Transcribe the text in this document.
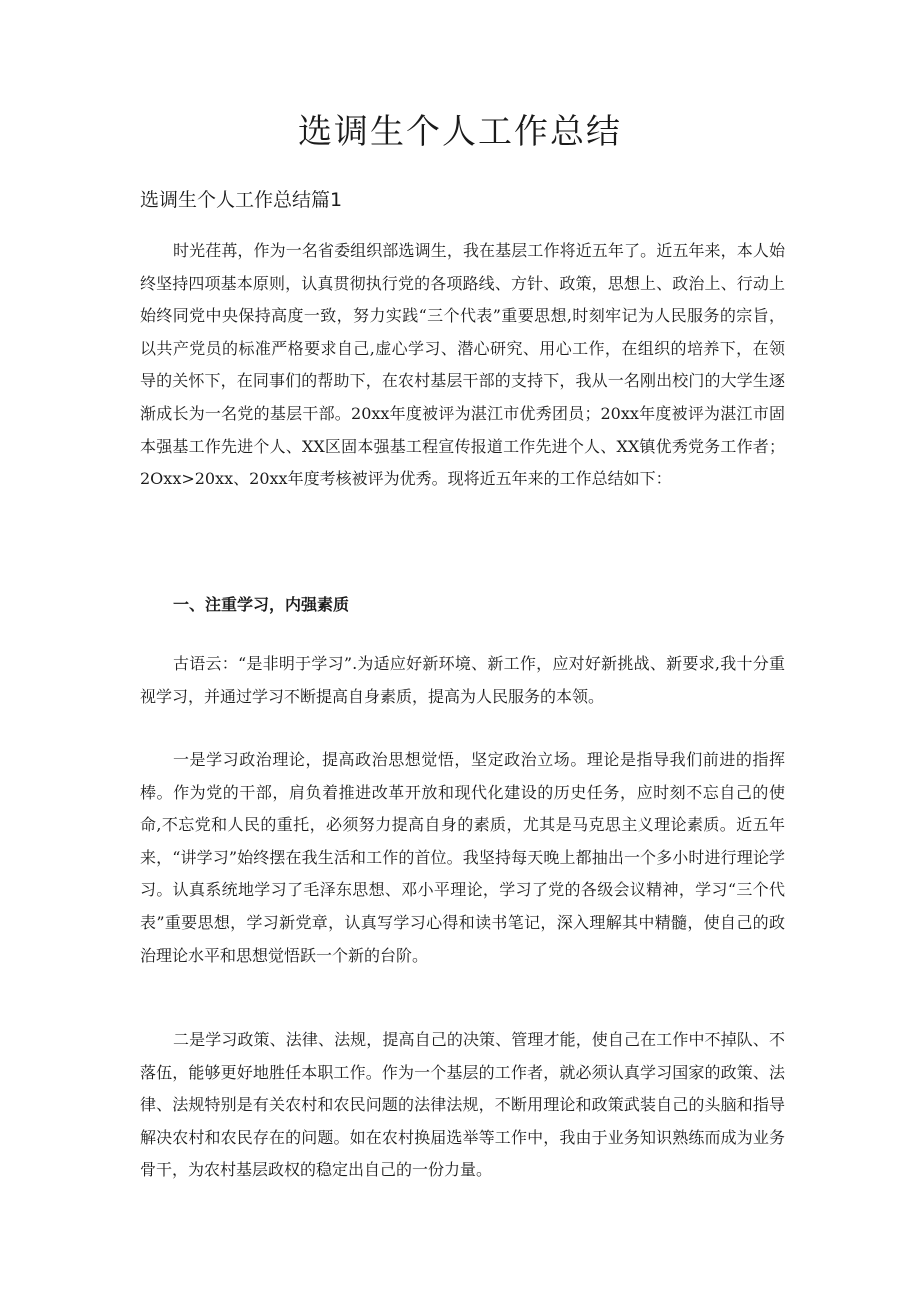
选调生个人工作总结
选调生个人工作总结篇1

时光荏苒，作为一名省委组织部选调生，我在基层工作将近五年了。近五年来，本人始终坚持四项基本原则，认真贯彻执行党的各项路线、方针、政策，思想上、政治上、行动上始终同党中央保持高度一致，努力实践“三个代表”重要思想,时刻牢记为人民服务的宗旨，以共产党员的标准严格要求自己,虚心学习、潜心研究、用心工作，在组织的培养下，在领导的关怀下，在同事们的帮助下，在农村基层干部的支持下，我从一名刚出校门的大学生逐渐成长为一名党的基层干部。20xx年度被评为湛江市优秀团员；20xx年度被评为湛江市固本强基工作先进个人、XX区固本强基工程宣传报道工作先进个人、XX镇优秀党务工作者；2Oxx>20xx、20xx年度考核被评为优秀。现将近五年来的工作总结如下：

一、注重学习，内强素质

古语云：“是非明于学习”.为适应好新环境、新工作，应对好新挑战、新要求,我十分重视学习，并通过学习不断提高自身素质，提高为人民服务的本领。

一是学习政治理论，提高政治思想觉悟，坚定政治立场。理论是指导我们前进的指挥棒。作为党的干部，肩负着推进改革开放和现代化建设的历史任务，应时刻不忘自己的使命,不忘党和人民的重托，必须努力提高自身的素质，尤其是马克思主义理论素质。近五年来，“讲学习”始终摆在我生活和工作的首位。我坚持每天晚上都抽出一个多小时进行理论学习。认真系统地学习了毛泽东思想、邓小平理论，学习了党的各级会议精神，学习“三个代表”重要思想，学习新党章，认真写学习心得和读书笔记，深入理解其中精髓，使自己的政治理论水平和思想觉悟跃一个新的台阶。

二是学习政策、法律、法规，提高自己的决策、管理才能，使自己在工作中不掉队、不落伍，能够更好地胜任本职工作。作为一个基层的工作者，就必须认真学习国家的政策、法律、法规特别是有关农村和农民问题的法律法规，不断用理论和政策武装自己的头脑和指导解决农村和农民存在的问题。如在农村换届选举等工作中，我由于业务知识熟练而成为业务骨干，为农村基层政权的稳定出自己的一份力量。
